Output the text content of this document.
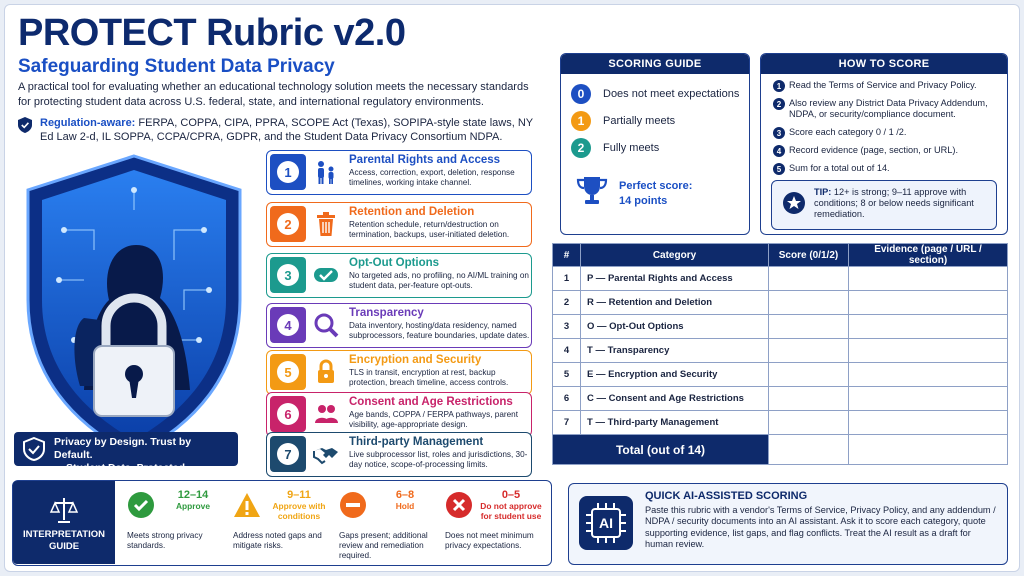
PROTECT Rubric v2.0
Safeguarding Student Data Privacy
A practical tool for evaluating whether an educational technology solution meets the necessary standards for protecting student data across U.S. federal, state, and international regulatory environments.
Regulation-aware: FERPA, COPPA, CIPA, PPRA, SCOPE Act (Texas), SOPIPA-style state laws, NY Ed Law 2-d, IL SOPPA, CCPA/CPRA, GDPR, and the Student Data Privacy Consortium NDPA.
Privacy by Design. Trust by Default.
Student Data. Protected.
1
Parental Rights and Access
Access, correction, export, deletion, response timelines, working intake channel.
2
Retention and Deletion
Retention schedule, return/destruction on termination, backups, user-initiated deletion.
3
Opt-Out Options
No targeted ads, no profiling, no AI/ML training on student data, per-feature opt-outs.
4
Transparency
Data inventory, hosting/data residency, named subprocessors, feature boundaries, update dates.
5
Encryption and Security
TLS in transit, encryption at rest, backup protection, breach timeline, access controls.
6
Consent and Age Restrictions
Age bands, COPPA / FERPA pathways, parent visibility, age-appropriate design.
7
Third-party Management
Live subprocessor list, roles and jurisdictions, 30-day notice, scope-of-processing limits.
SCORING GUIDE
0	Does not meet expectations
1	Partially meets
2	Fully meets
Perfect score:
14 points
HOW TO SCORE
1 Read the Terms of Service and Privacy Policy.
2 Also review any District Data Privacy Addendum, NDPA, or security/compliance document.
3 Score each category 0 / 1 /2.
4 Record evidence (page, section, or URL).
5 Sum for a total out of 14.
TIP: 12+ is strong; 9–11 approve with conditions; 8 or below needs significant remediation.
#	Category	Score (0/1/2)	Evidence (page / URL / section)
1	P — Parental Rights and Access		
2	R — Retention and Deletion		
3	O — Opt-Out Options		
4	T — Transparency		
5	E — Encryption and Security		
6	C — Consent and Age Restrictions		
7	T — Third-party Management		
Total (out of 14)			
INTERPRETATION GUIDE
12–14
Approve
Meets strong privacy standards.
9–11
Approve with conditions
Address noted gaps and mitigate risks.
6–8
Hold
Gaps present; additional review and remediation required.
0–5
Do not approve for student use
Does not meet minimum privacy expectations.
AI
QUICK AI-ASSISTED SCORING
Paste this rubric with a vendor's Terms of Service, Privacy Policy, and any addendum / NDPA / security documents into an AI assistant. Ask it to score each category, quote supporting evidence, list gaps, and flag conflicts. Treat the AI result as a draft for human review.
